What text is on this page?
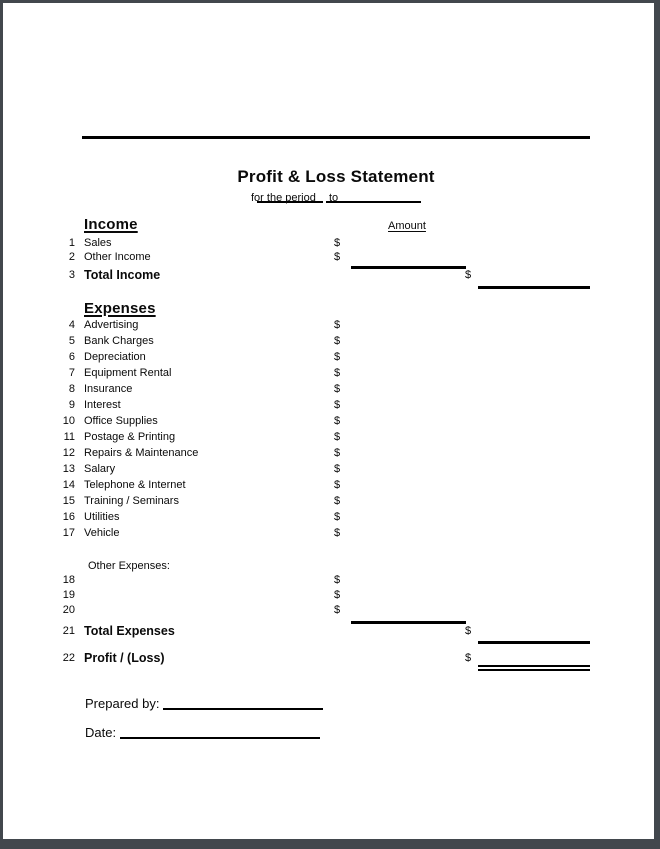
Profit & Loss Statement
for the period to
Amount
Income
1 Sales	$
2 Other Income	$
3 Total Income	$
Expenses
4 Advertising	$
5 Bank Charges	$
6 Depreciation	$
7 Equipment Rental	$
8 Insurance	$
9 Interest	$
10 Office Supplies	$
11 Postage & Printing	$
12 Repairs & Maintenance	$
13 Salary	$
14 Telephone & Internet	$
15 Training / Seminars	$
16 Utilities	$
17 Vehicle	$
Other Expenses:
18	$
19	$
20	$
21 Total Expenses	$
22 Profit / (Loss)	$
Prepared by:
Date:
